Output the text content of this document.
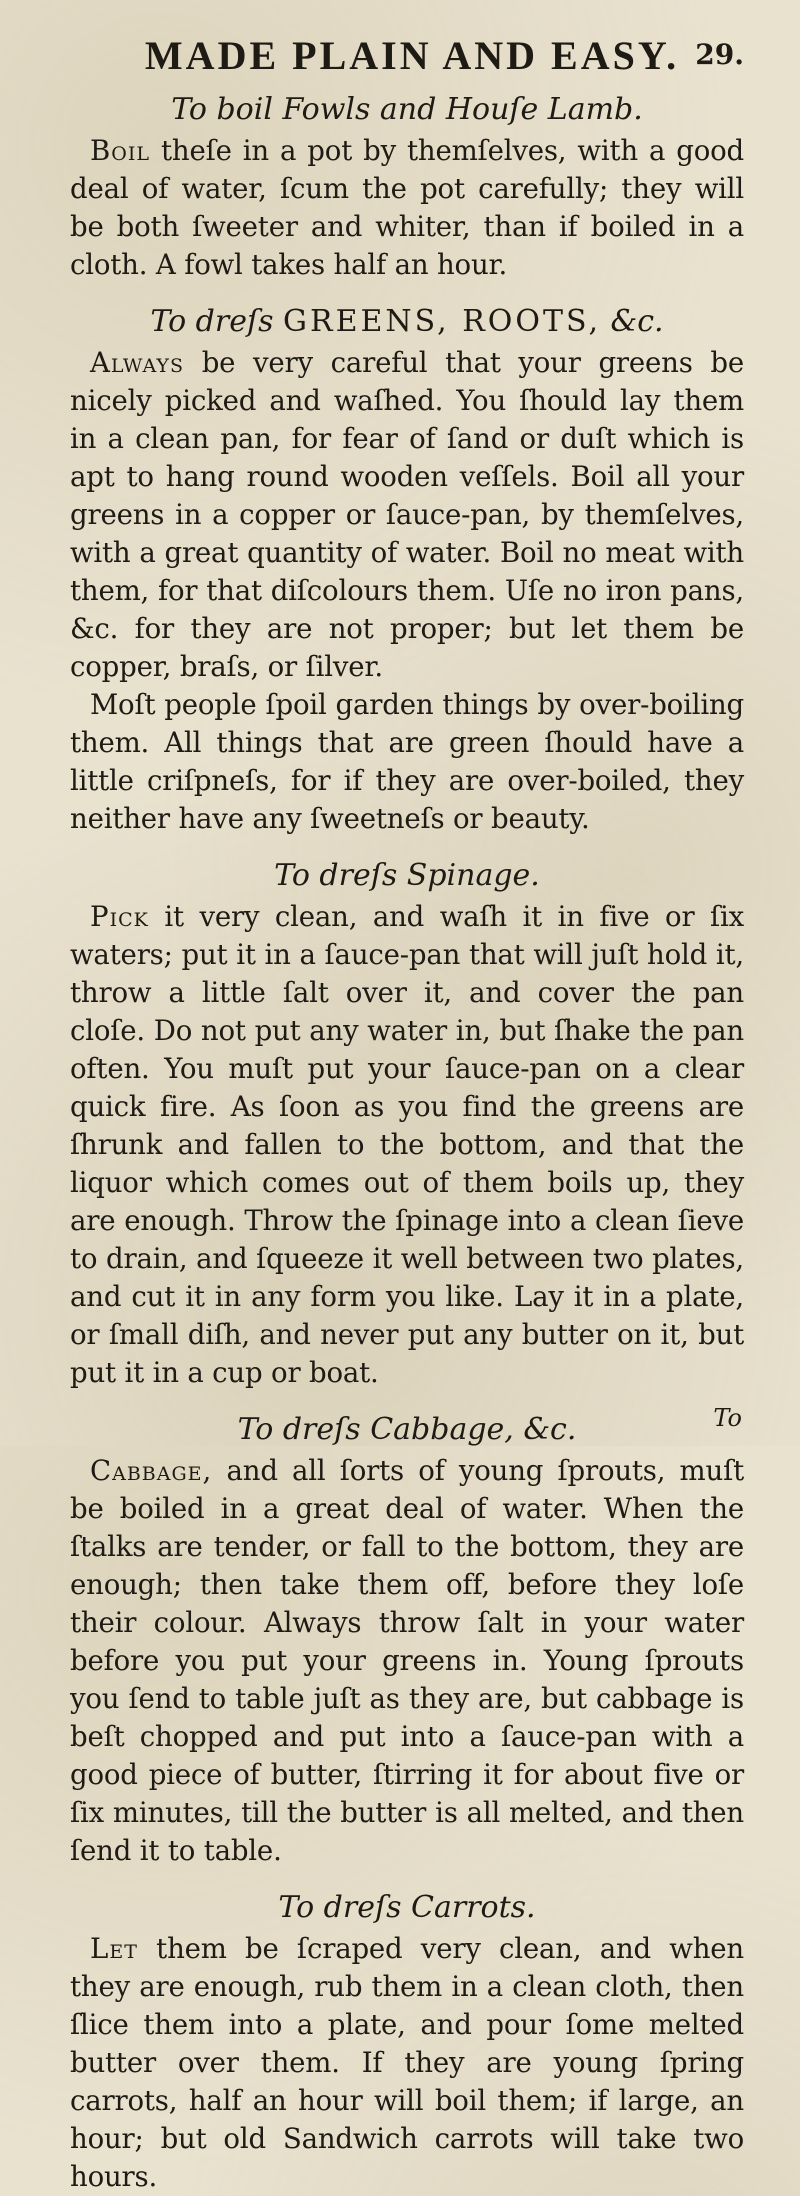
MADE PLAIN AND EASY. 29.
To boil Fowls and Houſe Lamb.

Boil theſe in a pot by themſelves, with a good deal of water, ſcum the pot carefully; they will be both ſweeter and whiter, than if boiled in a cloth. A fowl takes half an hour.

To dreſs GREENS, ROOTS, &c.

Always be very careful that your greens be nicely picked and waſhed. You ſhould lay them in a clean pan, for fear of ſand or duſt which is apt to hang round wooden veſſels. Boil all your greens in a copper or ſauce-pan, by themſelves, with a great quantity of water. Boil no meat with them, for that diſcolours them. Uſe no iron pans, &c. for they are not proper; but let them be copper, braſs, or ſilver.

Moſt people ſpoil garden things by over-boiling them. All things that are green ſhould have a little criſpneſs, for if they are over-boiled, they neither have any ſweetneſs or beauty.

To dreſs Spinage.

Pick it very clean, and waſh it in five or ſix waters; put it in a ſauce-pan that will juſt hold it, throw a little ſalt over it, and cover the pan cloſe. Do not put any water in, but ſhake the pan often. You muſt put your ſauce-pan on a clear quick fire. As ſoon as you find the greens are ſhrunk and fallen to the bottom, and that the liquor which comes out of them boils up, they are enough. Throw the ſpinage into a clean ſieve to drain, and ſqueeze it well between two plates, and cut it in any form you like. Lay it in a plate, or ſmall diſh, and never put any butter on it, but put it in a cup or boat.

To dreſs Cabbage, &c.

Cabbage, and all ſorts of young ſprouts, muſt be boiled in a great deal of water. When the ſtalks are tender, or fall to the bottom, they are enough; then take them off, before they loſe their colour. Always throw ſalt in your water before you put your greens in. Young ſprouts you ſend to table juſt as they are, but cabbage is beſt chopped and put into a ſauce-pan with a good piece of butter, ſtirring it for about five or ſix minutes, till the butter is all melted, and then ſend it to table.

To dreſs Carrots.

Let them be ſcraped very clean, and when they are enough, rub them in a clean cloth, then ſlice them into a plate, and pour ſome melted butter over them. If they are young ſpring carrots, half an hour will boil them; if large, an hour; but old Sandwich carrots will take two hours.

To
